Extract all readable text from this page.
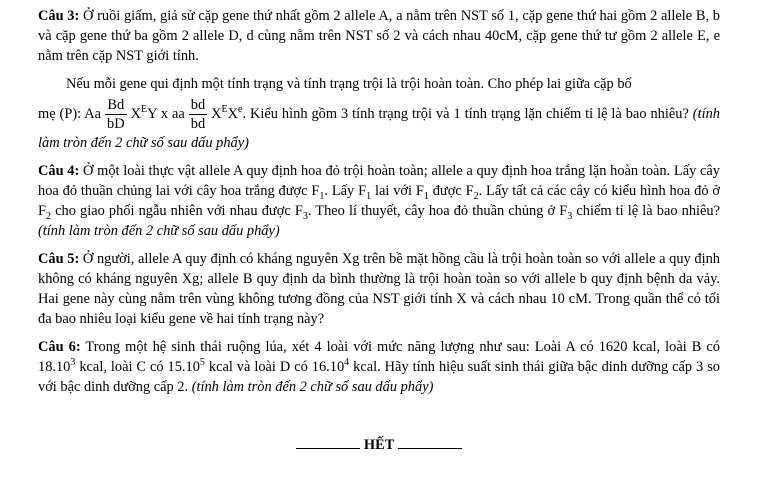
Câu 3: Ở ruồi giấm, giả sử cặp gene thứ nhất gồm 2 allele A, a nằm trên NST số 1, cặp gene thứ hai gồm 2 allele B, b và cặp gene thứ ba gồm 2 allele D, d cùng nằm trên NST số 2 và cách nhau 40cM, cặp gene thứ tư gồm 2 allele E, e nằm trên cặp NST giới tính.

Nếu mỗi gene qui định một tính trạng và tính trạng trội là trội hoàn toàn. Cho phép lai giữa cặp bố

mẹ (P): Aa $\frac{Bd}{bD} X^EY$ x aa $\frac{bd}{bd} X^EXe$. Kiểu hình gồm 3 tính trạng trội và 1 tính trạng lặn chiếm tỉ lệ là bao nhiêu? (tính làm tròn đến 2 chữ số sau dấu phẩy)

Câu 4: Ở một loài thực vật allele A quy định hoa đỏ trội hoàn toàn; allele a quy định hoa trắng lặn hoàn toàn. Lấy cây hoa đỏ thuần chủng lai với cây hoa trắng được $F_1$. Lấy $F_1$ lai với $F_1$ được $F_2$. Lấy tất cả các cây có kiểu hình hoa đỏ ở $F_2$ cho giao phối ngẫu nhiên với nhau được $F_3$. Theo lí thuyết, cây hoa đỏ thuần chủng ở $F_3$ chiếm tỉ lệ là bao nhiêu? (tính làm tròn đến 2 chữ số sau dấu phẩy)

Câu 5: Ở người, allele A quy định có kháng nguyên Xg trên bề mặt hồng cầu là trội hoàn toàn so với allele a quy định không có kháng nguyên Xg; allele B quy định da bình thường là trội hoàn toàn so với allele b quy định bệnh da vảy. Hai gene này cùng nằm trên vùng không tương đồng của NST giới tính X và cách nhau 10 cM. Trong quần thể có tối đa bao nhiêu loại kiểu gene về hai tính trạng này?

Câu 6: Trong một hệ sinh thái ruộng lúa, xét 4 loài với mức năng lượng như sau: Loài A có 1620 kcal, loài B có 18.10$^3$ kcal, loài C có 15.10$^5$ kcal và loài D có 16.10$^4$ kcal. Hãy tính hiệu suất sinh thái giữa bậc dinh dưỡng cấp 3 so với bậc dinh dưỡng cấp 2. (tính làm tròn đến 2 chữ số sau dấu phẩy)

HẾT
